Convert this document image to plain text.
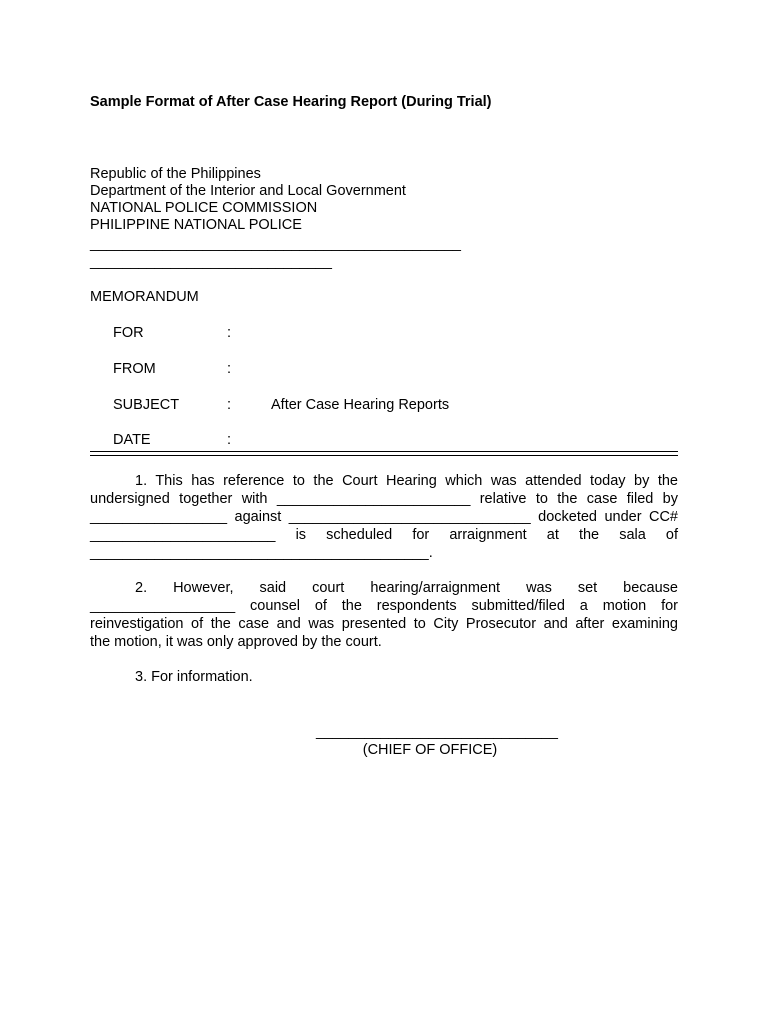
Sample Format of After Case Hearing Report (During Trial)
Republic of the Philippines
Department of the Interior and Local Government
NATIONAL POLICE COMMISSION
PHILIPPINE NATIONAL POLICE
______________________________________________
______________________________
MEMORANDUM
FOR	:
FROM	:
SUBJECT	:	After Case Hearing Reports
DATE	:
1. This has reference to the Court Hearing which was attended today by the
undersigned together with ________________________ relative to the case filed by
_________________ against ______________________________ docketed under CC#
_______________________ is scheduled for arraignment at the sala of
__________________________________________.
2. However, said court hearing/arraignment was set because
__________________ counsel of the respondents submitted/filed a motion for
reinvestigation of the case and was presented to City Prosecutor and after examining
the motion, it was only approved by the court.
3. For information.
______________________________
(CHIEF OF OFFICE)
